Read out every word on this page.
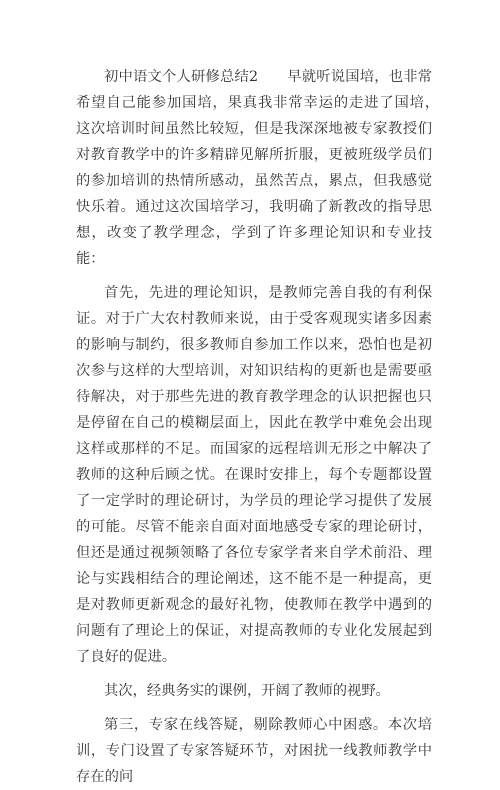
初中语文个人研修总结2　　早就听说国培，也非常希望自己能参加国培，果真我非常幸运的走进了国培，　这次培训时间虽然比较短，但是我深深地被专家教授们对教育教学中的许多精辟见解所折服，更被班级学员们的参加培训的热情所感动，虽然苦点，累点，但我感觉快乐着。通过这次国培学习，我明确了新教改的指导思想，改变了教学理念，学到了许多理论知识和专业技能：

首先，先进的理论知识，是教师完善自我的有利保证。对于广大农村教师来说，由于受客观现实诸多因素的影响与制约，很多教师自参加工作以来，恐怕也是初次参与这样的大型培训，对知识结构的更新也是需要亟待解决，对于那些先进的教育教学理念的认识把握也只是停留在自己的模糊层面上，因此在教学中难免会出现这样或那样的不足。而国家的远程培训无形之中解决了教师的这种后顾之忧。在课时安排上，每个专题都设置了一定学时的理论研讨，为学员的理论学习提供了发展的可能。尽管不能亲自面对面地感受专家的理论研讨，但还是通过视频领略了各位专家学者来自学术前沿、理论与实践相结合的理论阐述，这不能不是一种提高，更是对教师更新观念的最好礼物，使教师在教学中遇到的问题有了理论上的保证，对提高教师的专业化发展起到了良好的促进。

其次，经典务实的课例，开阔了教师的视野。

第三，专家在线答疑，剔除教师心中困惑。本次培训，专门设置了专家答疑环节，对困扰一线教师教学中存在的问
